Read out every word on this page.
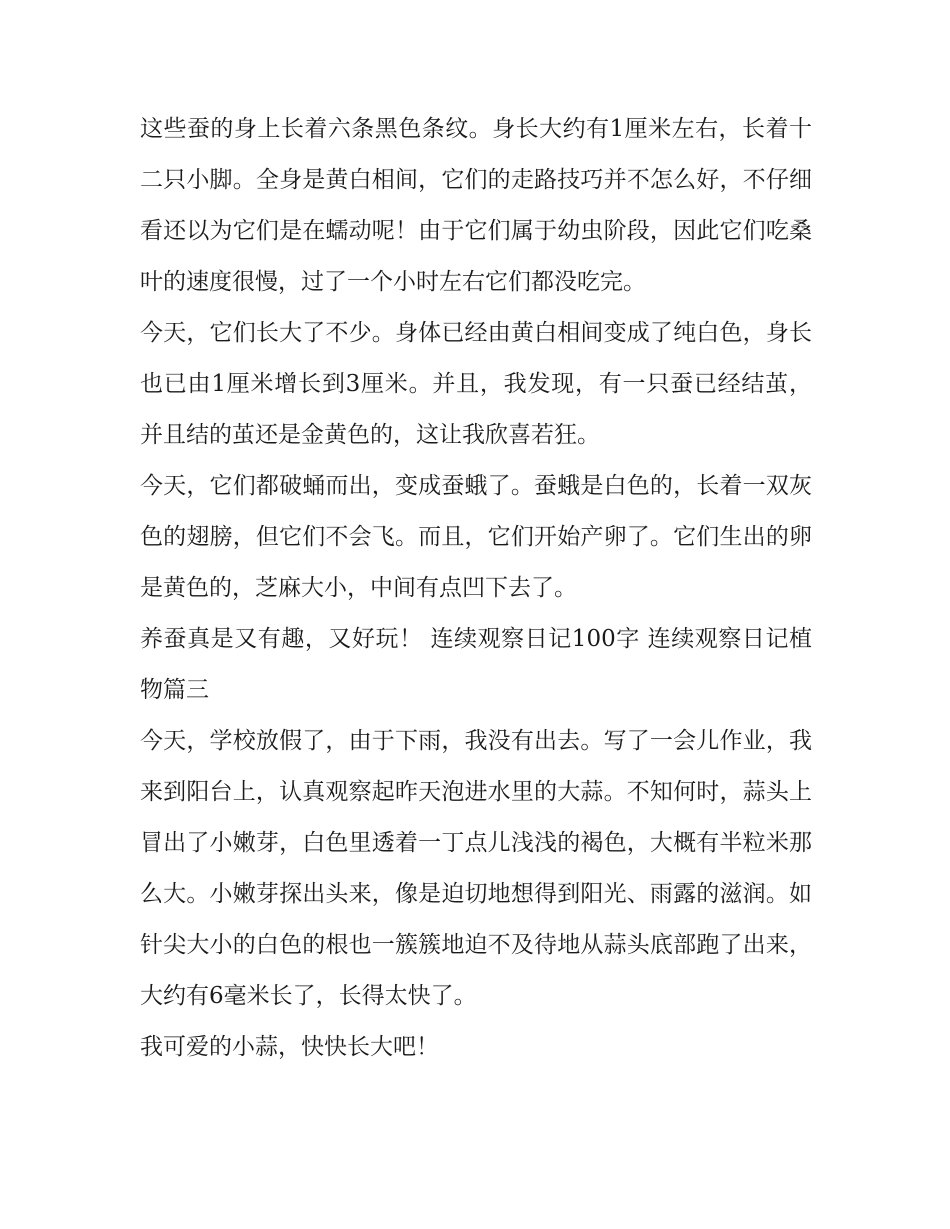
这些蚕的身上长着六条黑色条纹。身长大约有1厘米左右，长着十二只小脚。全身是黄白相间，它们的走路技巧并不怎么好，不仔细看还以为它们是在蠕动呢！由于它们属于幼虫阶段，因此它们吃桑叶的速度很慢，过了一个小时左右它们都没吃完。

今天，它们长大了不少。身体已经由黄白相间变成了纯白色，身长也已由1厘米增长到3厘米。并且，我发现，有一只蚕已经结茧，并且结的茧还是金黄色的，这让我欣喜若狂。

今天，它们都破蛹而出，变成蚕蛾了。蚕蛾是白色的，长着一双灰色的翅膀，但它们不会飞。而且，它们开始产卵了。它们生出的卵是黄色的，芝麻大小，中间有点凹下去了。

养蚕真是又有趣，又好玩！ 连续观察日记100字 连续观察日记植物篇三

今天，学校放假了，由于下雨，我没有出去。写了一会儿作业，我来到阳台上，认真观察起昨天泡进水里的大蒜。不知何时，蒜头上冒出了小嫩芽，白色里透着一丁点儿浅浅的褐色，大概有半粒米那么大。小嫩芽探出头来，像是迫切地想得到阳光、雨露的滋润。如针尖大小的白色的根也一簇簇地迫不及待地从蒜头底部跑了出来，大约有6毫米长了，长得太快了。

我可爱的小蒜，快快长大吧！
